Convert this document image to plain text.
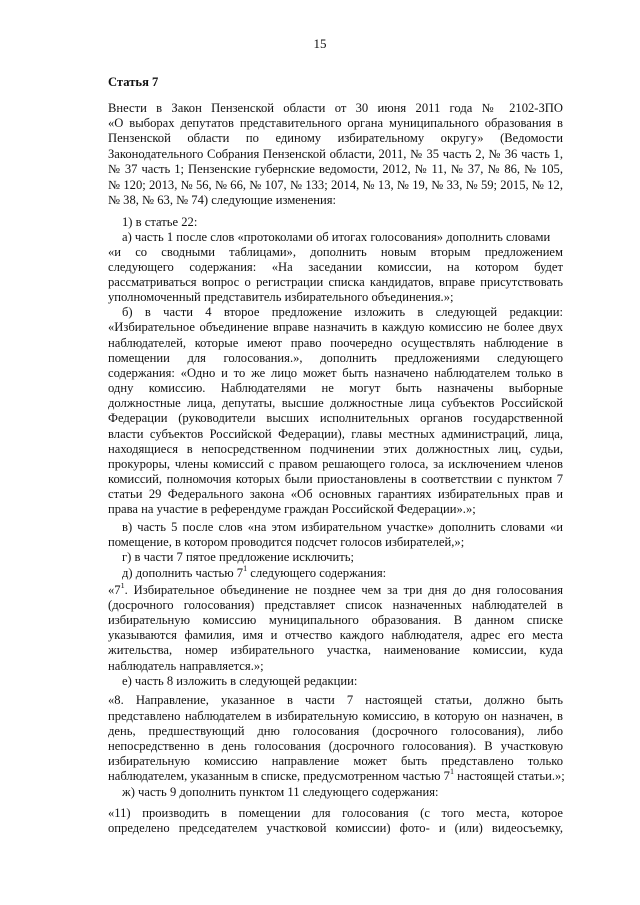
15
Статья 7
Внести в Закон Пензенской области от 30 июня 2011 года № 2102-ЗПО
«О выборах депутатов представительного органа муниципального образования в
Пензенской области по единому избирательному округу» (Ведомости
Законодательного Собрания Пензенской области, 2011, № 35 часть 2, № 36 часть 1,
№ 37 часть 1; Пензенские губернские ведомости, 2012, № 11, № 37, № 86, № 105,
№ 120; 2013, № 56, № 66, № 107, № 133; 2014, № 13, № 19, № 33, № 59; 2015, № 12,
№ 38, № 63, № 74) следующие изменения:
1) в статье 22:
а) часть 1 после слов «протоколами об итогах голосования» дополнить словами
«и со сводными таблицами», дополнить новым вторым предложением
следующего содержания: «На заседании комиссии, на котором будет
рассматриваться вопрос о регистрации списка кандидатов, вправе присутствовать
уполномоченный представитель избирательного объединения.»;
б) в части 4 второе предложение изложить в следующей редакции:
«Избирательное объединение вправе назначить в каждую комиссию не более двух
наблюдателей, которые имеют право поочередно осуществлять наблюдение в
помещении для голосования.», дополнить предложениями следующего
содержания: «Одно и то же лицо может быть назначено наблюдателем только в
одну комиссию. Наблюдателями не могут быть назначены выборные
должностные лица, депутаты, высшие должностные лица субъектов Российской
Федерации (руководители высших исполнительных органов государственной
власти субъектов Российской Федерации), главы местных администраций, лица,
находящиеся в непосредственном подчинении этих должностных лиц, судьи,
прокуроры, члены комиссий с правом решающего голоса, за исключением членов
комиссий, полномочия которых были приостановлены в соответствии с пунктом 7
статьи 29 Федерального закона «Об основных гарантиях избирательных прав и
права на участие в референдуме граждан Российской Федерации».»;
в) часть 5 после слов «на этом избирательном участке» дополнить словами «и
помещение, в котором проводится подсчет голосов избирателей,»;
г) в части 7 пятое предложение исключить;
д) дополнить частью $7^1$ следующего содержания:
«$7^1$. Избирательное объединение не позднее чем за три дня до дня голосования
(досрочного голосования) представляет список назначенных наблюдателей в
избирательную комиссию муниципального образования. В данном списке
указываются фамилия, имя и отчество каждого наблюдателя, адрес его места
жительства, номер избирательного участка, наименование комиссии, куда
наблюдатель направляется.»;
е) часть 8 изложить в следующей редакции:
«8. Направление, указанное в части 7 настоящей статьи, должно быть
представлено наблюдателем в избирательную комиссию, в которую он назначен, в
день, предшествующий дню голосования (досрочного голосования), либо
непосредственно в день голосования (досрочного голосования). В участковую
избирательную комиссию направление может быть представлено только
наблюдателем, указанным в списке, предусмотренном частью $7^1$ настоящей статьи.»;
ж) часть 9 дополнить пунктом 11 следующего содержания:
«11) производить в помещении для голосования (с того места, которое
определено председателем участковой комиссии) фото- и (или) видеосъемку,
